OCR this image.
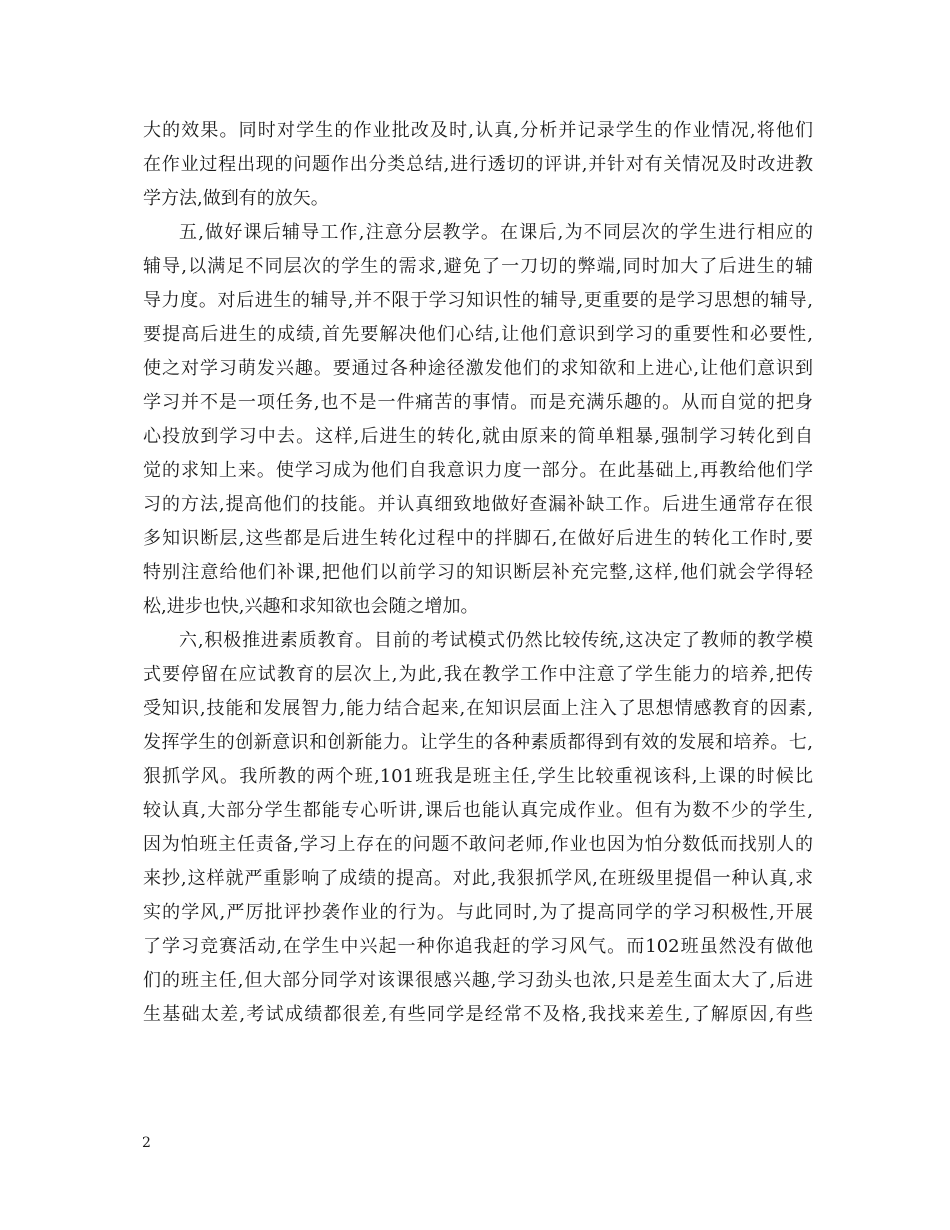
大的效果。同时对学生的作业批改及时,认真,分析并记录学生的作业情况,将他们
在作业过程出现的问题作出分类总结,进行透切的评讲,并针对有关情况及时改进教
学方法,做到有的放矢。
五,做好课后辅导工作,注意分层教学。在课后,为不同层次的学生进行相应的
辅导,以满足不同层次的学生的需求,避免了一刀切的弊端,同时加大了后进生的辅
导力度。对后进生的辅导,并不限于学习知识性的辅导,更重要的是学习思想的辅导,
要提高后进生的成绩,首先要解决他们心结,让他们意识到学习的重要性和必要性,
使之对学习萌发兴趣。要通过各种途径激发他们的求知欲和上进心,让他们意识到
学习并不是一项任务,也不是一件痛苦的事情。而是充满乐趣的。从而自觉的把身
心投放到学习中去。这样,后进生的转化,就由原来的简单粗暴,强制学习转化到自
觉的求知上来。使学习成为他们自我意识力度一部分。在此基础上,再教给他们学
习的方法,提高他们的技能。并认真细致地做好查漏补缺工作。后进生通常存在很
多知识断层,这些都是后进生转化过程中的拌脚石,在做好后进生的转化工作时,要
特别注意给他们补课,把他们以前学习的知识断层补充完整,这样,他们就会学得轻
松,进步也快,兴趣和求知欲也会随之增加。
六,积极推进素质教育。目前的考试模式仍然比较传统,这决定了教师的教学模
式要停留在应试教育的层次上,为此,我在教学工作中注意了学生能力的培养,把传
受知识,技能和发展智力,能力结合起来,在知识层面上注入了思想情感教育的因素,
发挥学生的创新意识和创新能力。让学生的各种素质都得到有效的发展和培养。七,
狠抓学风。我所教的两个班,101班我是班主任,学生比较重视该科,上课的时候比
较认真,大部分学生都能专心听讲,课后也能认真完成作业。但有为数不少的学生,
因为怕班主任责备,学习上存在的问题不敢问老师,作业也因为怕分数低而找别人的
来抄,这样就严重影响了成绩的提高。对此,我狠抓学风,在班级里提倡一种认真,求
实的学风,严厉批评抄袭作业的行为。与此同时,为了提高同学的学习积极性,开展
了学习竞赛活动,在学生中兴起一种你追我赶的学习风气。而102班虽然没有做他
们的班主任,但大部分同学对该课很感兴趣,学习劲头也浓,只是差生面太大了,后进
生基础太差,考试成绩都很差,有些同学是经常不及格,我找来差生,了解原因,有些
2
